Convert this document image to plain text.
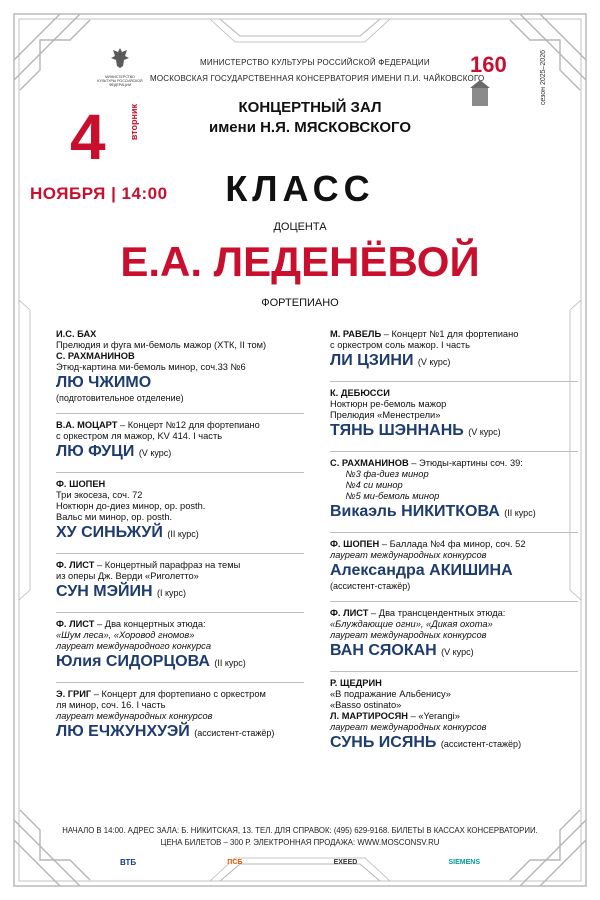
МИНИСТЕРСТВО КУЛЬТУРЫ РОССИЙСКОЙ ФЕДЕРАЦИИ
МИНИСТЕРСТВО КУЛЬТУРЫ РОССИЙСКОЙ ФЕДЕРАЦИИ
МОСКОВСКАЯ ГОСУДАРСТВЕННАЯ КОНСЕРВАТОРИЯ ИМЕНИ П.И. ЧАЙКОВСКОГО
160	сезон 2025–2026
4	вторник
НОЯБРЯ | 14:00
КОНЦЕРТНЫЙ ЗАЛ
имени Н.Я. МЯСКОВСКОГО
КЛАСС
ДОЦЕНТА
Е.А. ЛЕДЕНЁВОЙ
ФОРТЕПИАНО
И.С. БАХ
Прелюдия и фуга ми-бемоль мажор (ХТК, II том)
С. РАХМАНИНОВ
Этюд-картина ми-бемоль минор, соч.33 №6
ЛЮ ЧЖИМО
(подготовительное отделение)
В.А. МОЦАРТ – Концерт №12 для фортепиано
с оркестром ля мажор, KV 414. I часть
ЛЮ ФУЦИ (V курс)
Ф. ШОПЕН
Три экосеза, соч. 72
Ноктюрн до-диез минор, op. posth.
Вальс ми минор, op. posth.
ХУ СИНЬЖУЙ (II курс)
Ф. ЛИСТ – Концертный парафраз на темы
из оперы Дж. Верди «Риголетто»
СУН МЭЙИН (I курс)
Ф. ЛИСТ – Два концертных этюда:
«Шум леса», «Хоровод гномов»
лауреат международного конкурса
Юлия СИДОРЦОВА (II курс)
Э. ГРИГ – Концерт для фортепиано с оркестром
ля минор, соч. 16. I часть
лауреат международных конкурсов
ЛЮ ЕЧЖУНХУЭЙ (ассистент-стажёр)
М. РАВЕЛЬ – Концерт №1 для фортепиано
с оркестром соль мажор. I часть
ЛИ ЦЗИНИ (V курс)
К. ДЕБЮССИ
Ноктюрн ре-бемоль мажор
Прелюдия «Менестрели»
ТЯНЬ ШЭННАНЬ (V курс)
С. РАХМАНИНОВ – Этюды-картины соч. 39:
№3 фа-диез минор
№4 си минор
№5 ми-бемоль минор
Викаэль НИКИТКОВА (II курс)
Ф. ШОПЕН – Баллада №4 фа минор, соч. 52
лауреат международных конкурсов
Александра АКИШИНА
(ассистент-стажёр)
Ф. ЛИСТ – Два трансцендентных этюда:
«Блуждающие огни», «Дикая охота»
лауреат международных конкурсов
ВАН СЯОКАН (V курс)
Р. ЩЕДРИН
«В подражание Альбенису»
«Basso ostinato»
Л. МАРТИРОСЯН – «Yerangi»
лауреат международных конкурсов
СУНЬ ИСЯНЬ (ассистент-стажёр)
НАЧАЛО В 14:00. АДРЕС ЗАЛА: Б. НИКИТСКАЯ, 13. ТЕЛ. ДЛЯ СПРАВОК: (495) 629-9168. БИЛЕТЫ В КАССАХ КОНСЕРВАТОРИИ.
ЦЕНА БИЛЕТОВ – 300 Р. ЭЛЕКТРОННАЯ ПРОДАЖА: WWW.MOSCONSV.RU
ВТБ	ПСБ	EXEED	SIEMENS
